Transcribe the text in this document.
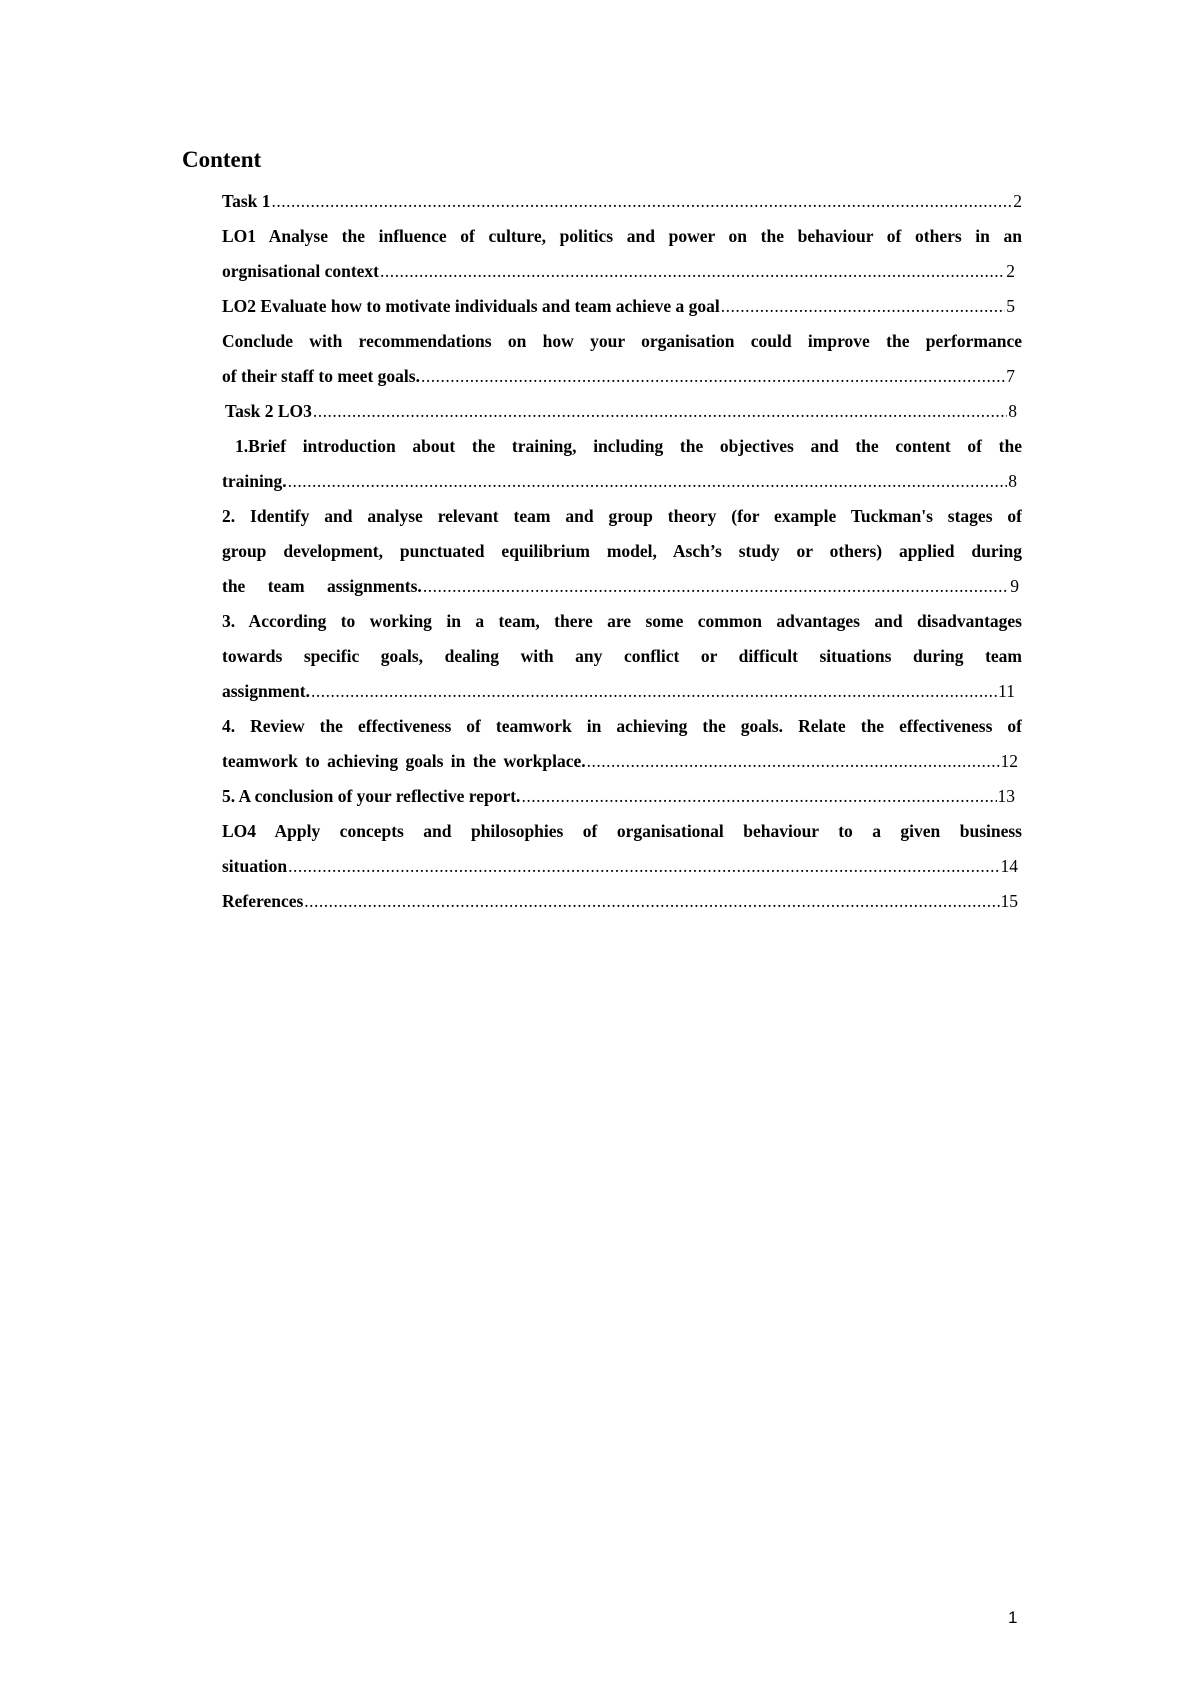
Content
Task 1 .....	2
LO1 Analyse the influence of culture, politics and power on the behaviour of others in an
orgnisational context .....	2
LO2 Evaluate how to motivate individuals and team achieve a goal .....	5
Conclude with recommendations on how your organisation could improve the performance
of their staff to meet goals. .....	7
Task 2 LO3 .....	8
1.Brief introduction about the training, including the objectives and the content of the
training. .....	8
2. Identify and analyse relevant team and group theory (for example Tuckman's stages of
group development, punctuated equilibrium model, Asch’s study or others) applied during
the team assignments. .....	9
3. According to working in a team, there are some common advantages and disadvantages
towards specific goals, dealing with any conflict or difficult situations during team
assignment. .....	11
4. Review the effectiveness of teamwork in achieving the goals. Relate the effectiveness of
teamwork to achieving goals in the workplace. .....	12
5. A conclusion of your reflective report. .....	13
LO4 Apply concepts and philosophies of organisational behaviour to a given business
situation .....	14
References .....	15
1
